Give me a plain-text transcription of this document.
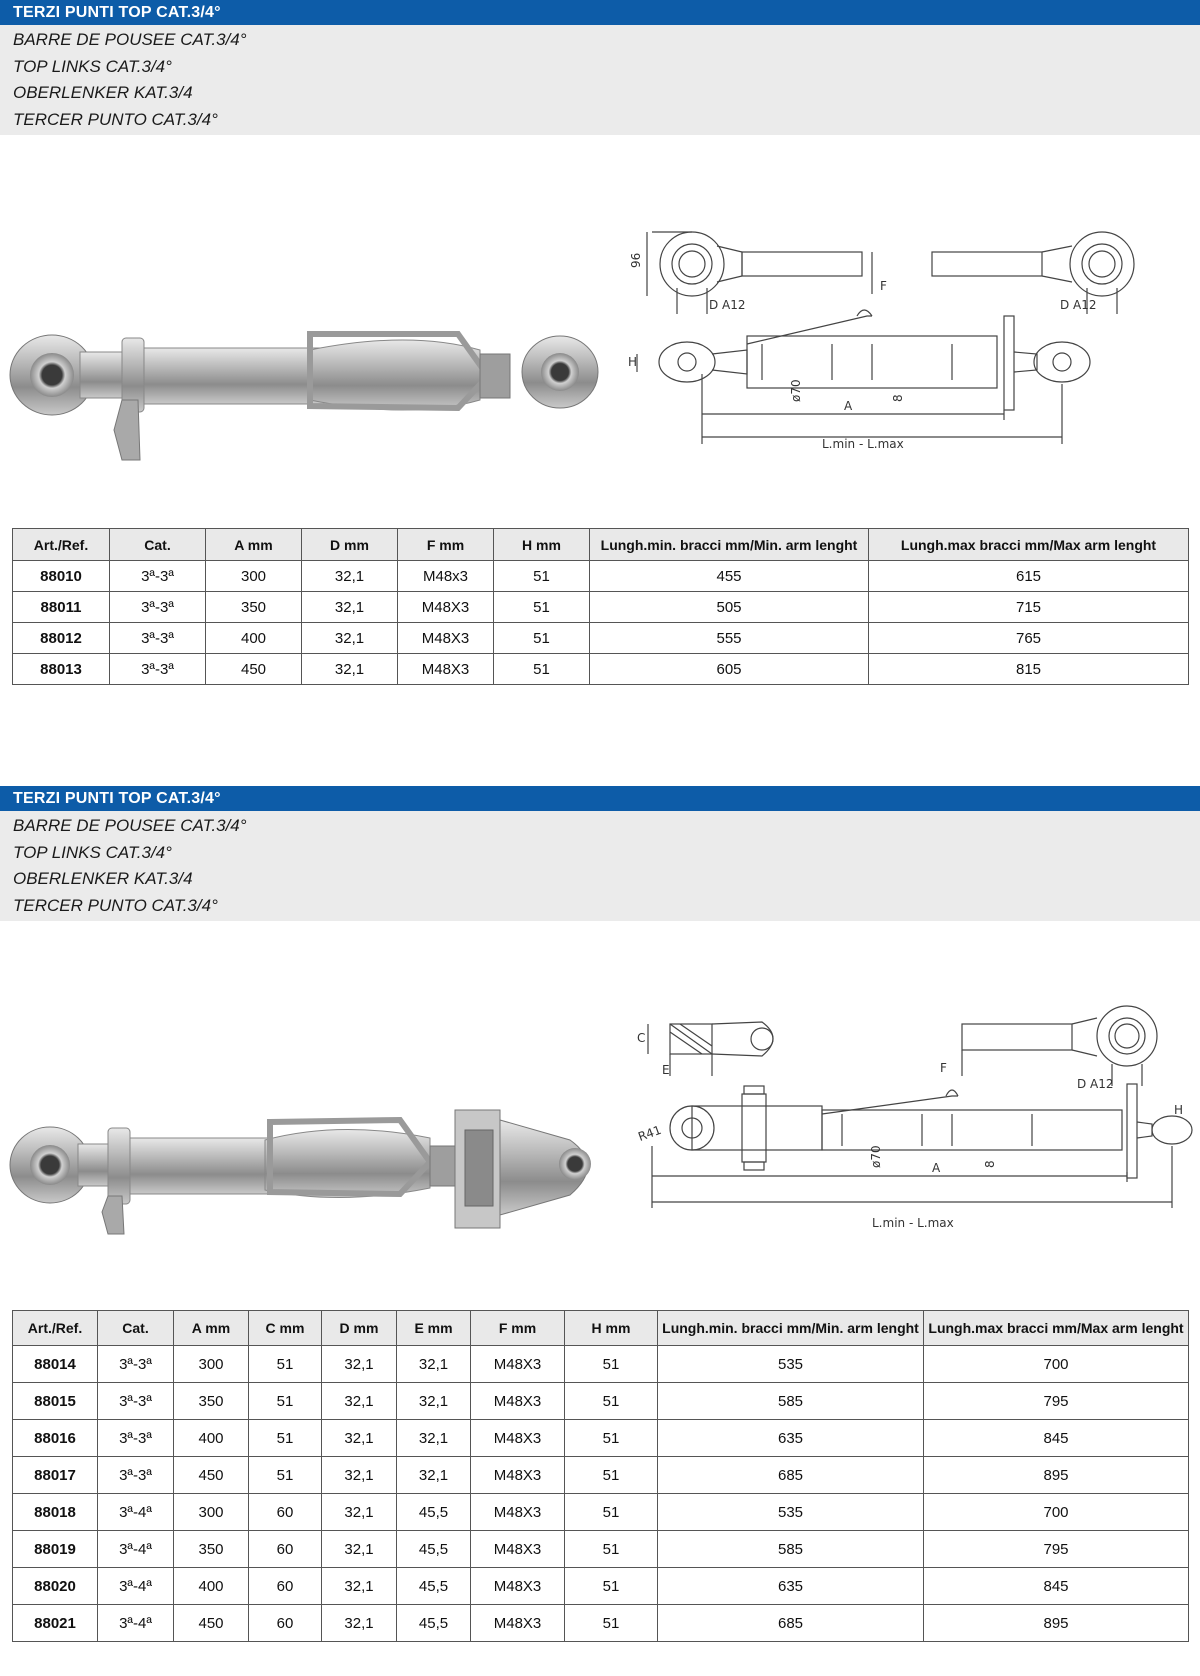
TERZI PUNTI TOP CAT.3/4°
BARRE DE POUSEE CAT.3/4°
TOP LINKS CAT.3/4°
OBERLENKER KAT.3/4
TERCER PUNTO CAT.3/4°
96
D A12	D A12
F
H
ø70	8
A
L.min - L.max
Art./Ref.	Cat.	A mm	D mm	F mm	H mm	Lungh.min. bracci mm/Min. arm lenght	Lungh.max bracci mm/Max arm lenght
88010	3ª-3ª	300	32,1	M48x3	51	455	615
88011	3ª-3ª	350	32,1	M48X3	51	505	715
88012	3ª-3ª	400	32,1	M48X3	51	555	765
88013	3ª-3ª	450	32,1	M48X3	51	605	815
TERZI PUNTI TOP CAT.3/4°
BARRE DE POUSEE CAT.3/4°
TOP LINKS CAT.3/4°
OBERLENKER KAT.3/4
TERCER PUNTO CAT.3/4°
C
E	F
D A12
R41
H
ø70	8
A
L.min - L.max
Art./Ref.	Cat.	A mm	C mm	D mm	E mm	F mm	H mm	Lungh.min. bracci mm/Min. arm lenght	Lungh.max bracci mm/Max arm lenght
88014	3ª-3ª	300	51	32,1	32,1	M48X3	51	535	700
88015	3ª-3ª	350	51	32,1	32,1	M48X3	51	585	795
88016	3ª-3ª	400	51	32,1	32,1	M48X3	51	635	845
88017	3ª-3ª	450	51	32,1	32,1	M48X3	51	685	895
88018	3ª-4ª	300	60	32,1	45,5	M48X3	51	535	700
88019	3ª-4ª	350	60	32,1	45,5	M48X3	51	585	795
88020	3ª-4ª	400	60	32,1	45,5	M48X3	51	635	845
88021	3ª-4ª	450	60	32,1	45,5	M48X3	51	685	895
